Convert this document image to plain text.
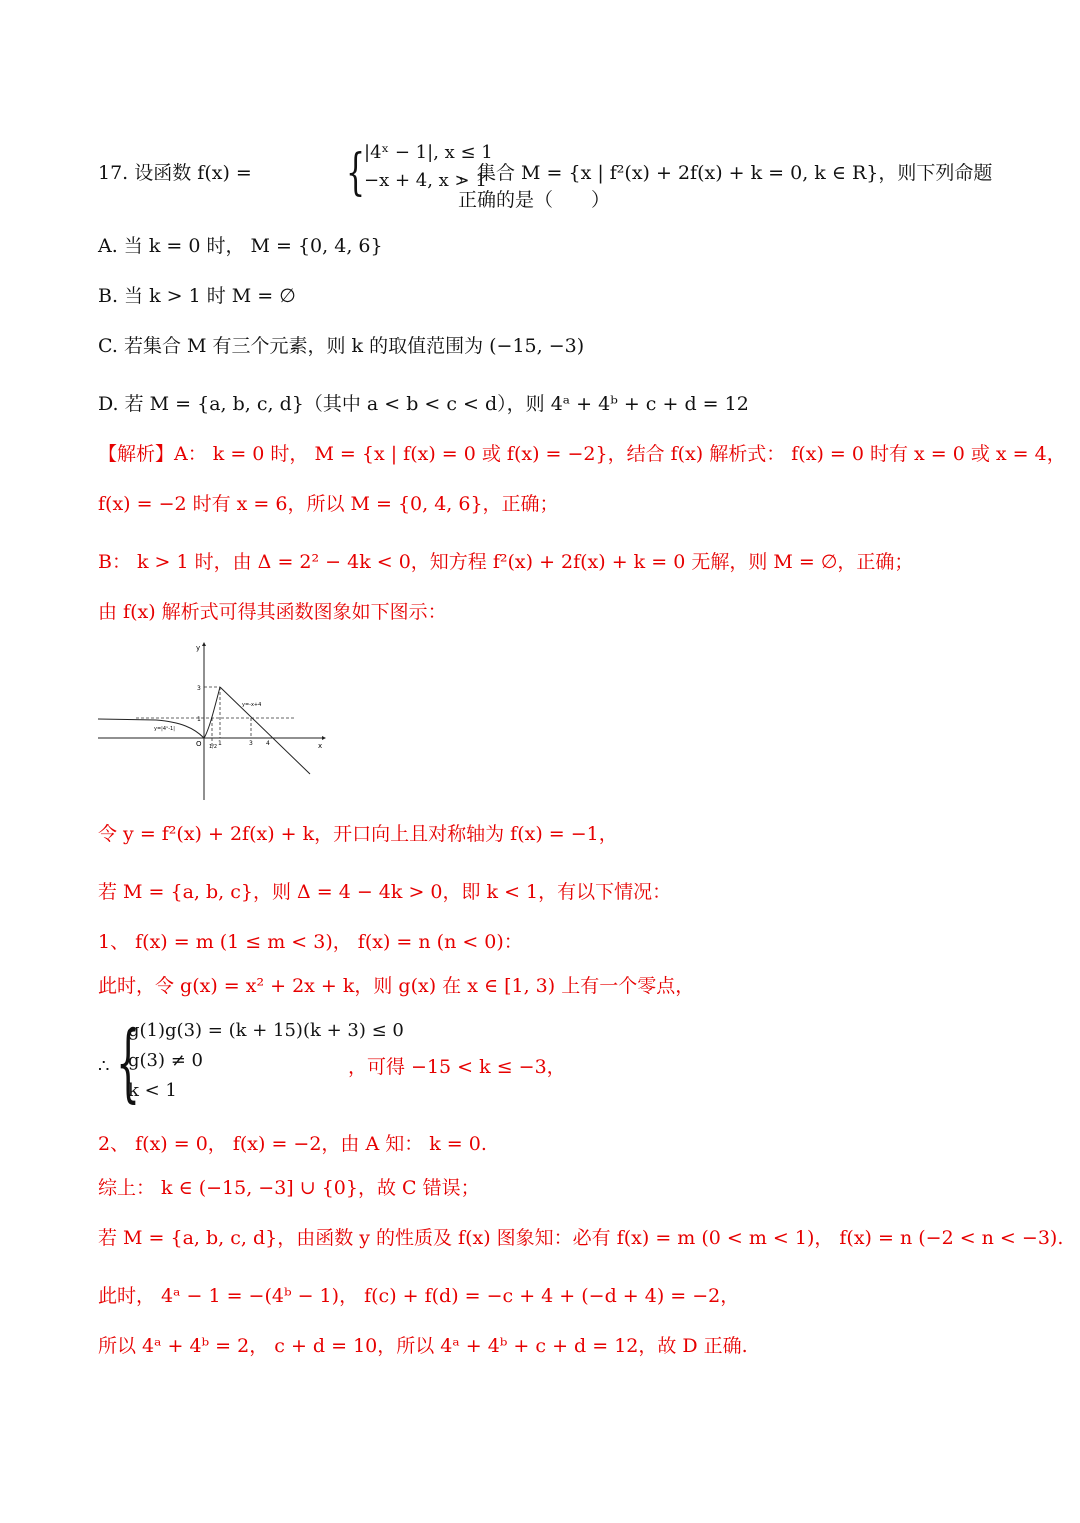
17. 设函数 f(x) = {
|4ˣ − 1|, x ≤ 1
−x + 4, x > 1
，集合 M = {x | f²(x) + 2f(x) + k = 0, k ∈ R}，则下列命题正确的是（　　）
A. 当 k = 0 时， M = {0, 4, 6}
B. 当 k > 1 时 M = ∅
C. 若集合 M 有三个元素，则 k 的取值范围为 (−15, −3)
D. 若 M = {a, b, c, d}（其中 a < b < c < d），则 4ᵃ + 4ᵇ + c + d = 12
【解析】A： k = 0 时， M = {x | f(x) = 0 或 f(x) = −2}，结合 f(x) 解析式： f(x) = 0 时有 x = 0 或 x = 4，
f(x) = −2 时有 x = 6，所以 M = {0, 4, 6}，正确；
B： k > 1 时，由 Δ = 2² − 4k < 0，知方程 f²(x) + 2f(x) + k = 0 无解，则 M = ∅，正确；
由 f(x) 解析式可得其函数图象如下图示：
y
x
O
3
1
1/2 1	3 4
y=|4ˣ-1|
y=-x+4
令 y = f²(x) + 2f(x) + k，开口向上且对称轴为 f(x) = −1，
若 M = {a, b, c}，则 Δ = 4 − 4k > 0，即 k < 1，有以下情况：
1、 f(x) = m (1 ≤ m < 3)， f(x) = n (n < 0)：
此时，令 g(x) = x² + 2x + k，则 g(x) 在 x ∈ [1, 3) 上有一个零点，
∴ {
g(1)g(3) = (k + 15)(k + 3) ≤ 0
g(3) ≠ 0
k < 1
，可得 −15 < k ≤ −3，
2、 f(x) = 0， f(x) = −2，由 A 知： k = 0.
综上： k ∈ (−15, −3] ∪ {0}，故 C 错误；
若 M = {a, b, c, d}，由函数 y 的性质及 f(x) 图象知：必有 f(x) = m (0 < m < 1)， f(x) = n (−2 < n < −3).
此时， 4ᵃ − 1 = −(4ᵇ − 1)， f(c) + f(d) = −c + 4 + (−d + 4) = −2，
所以 4ᵃ + 4ᵇ = 2， c + d = 10，所以 4ᵃ + 4ᵇ + c + d = 12，故 D 正确.
